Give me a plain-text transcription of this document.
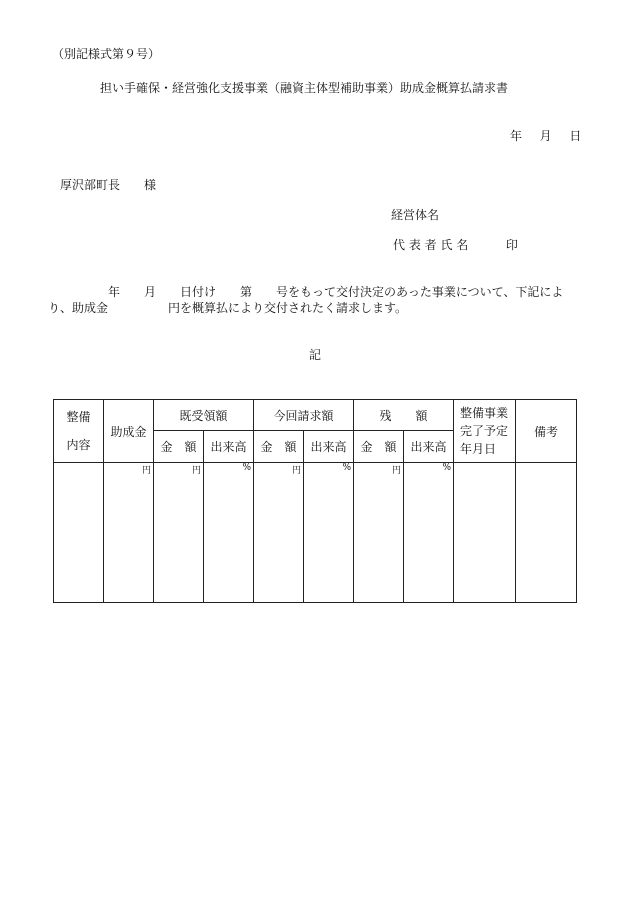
（別記様式第９号）
担い手確保・経営強化支援事業（融資主体型補助事業）助成金概算払請求書
年 月 日
厚沢部町長　　様
経営体名
代 表 者 氏 名	印
　　　　　年　　月　　日付け　　第　　号をもって交付決定のあった事業について、下記によ
り、助成金　　　　　円を概算払により交付されたく請求します。
記
整備
内容	助成金	既受領額		今回請求額		残　　額		整備事業
完了予定
年月日	備考
		金　額	出来高	金　額	出来高	金　額	出来高		
	円	円	%	円	%	円	%		
